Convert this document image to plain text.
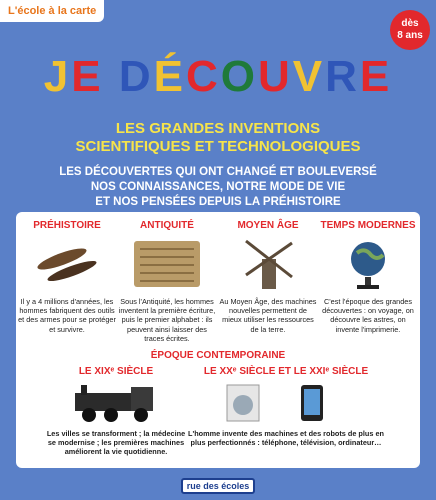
L'école à la carte
dès
8 ans
JE DÉCOUVRE
LES GRANDES INVENTIONS
SCIENTIFIQUES ET TECHNOLOGIQUES
LES DÉCOUVERTES QUI ONT CHANGÉ ET BOULEVERSÉ
NOS CONNAISSANCES, NOTRE MODE DE VIE
ET NOS PENSÉES DEPUIS LA PRÉHISTOIRE
PRÉHISTOIRE

Il y a 4 millions d'années, les hommes fabriquent des outils et des armes pour se protéger et survivre.

ANTIQUITÉ

Sous l'Antiquité, les hommes inventent la première écriture, puis le premier alphabet : ils peuvent ainsi laisser des traces écrites.

MOYEN ÂGE

Au Moyen Âge, des machines nouvelles permettent de mieux utiliser les ressources de la terre.

TEMPS MODERNES

C'est l'époque des grandes découvertes : on voyage, on découvre les astres, on invente l'imprimerie.

ÉPOQUE CONTEMPORAINE
LE XIXᵉ SIÈCLE

Les villes se transforment ; la médecine se modernise ; les premières machines améliorent la vie quotidienne.

LE XXᵉ SIÈCLE ET LE XXIᵉ SIÈCLE

L'homme invente des machines et des robots de plus en plus perfectionnés : téléphone, télévision, ordinateur…

rue des écoles
